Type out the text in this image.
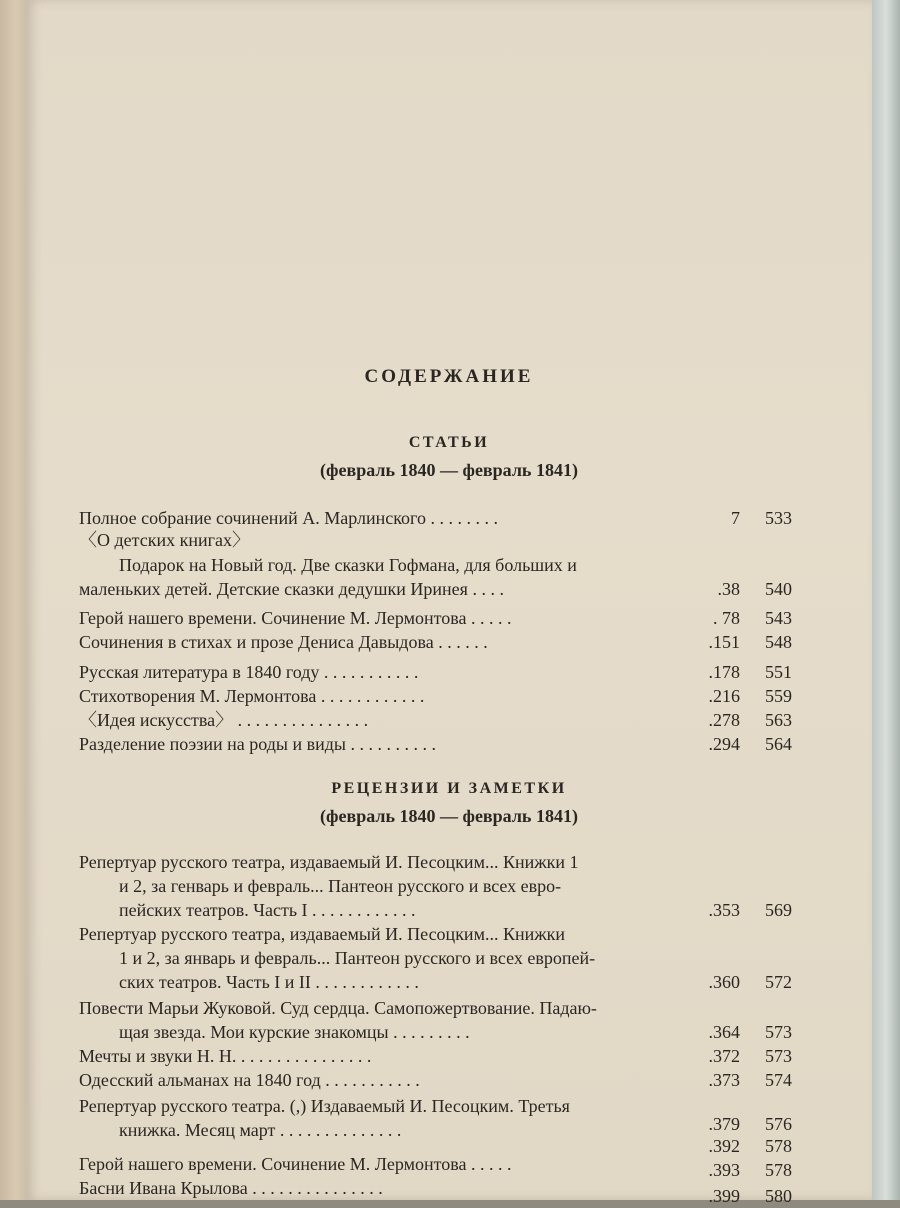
СОДЕРЖАНИЕ
СТАТЬИ
(февраль 1840 — февраль 1841)
РЕЦЕНЗИИ И ЗАМЕТКИ
(февраль 1840 — февраль 1841)
Полное собрание сочинений А. Марлинского . . . . . . . .	7 533
〈О детских книгах〉
Подарок на Новый год. Две сказки Гофмана, для больших и
маленьких детей. Детские сказки дедушки Иринея . . . .	.38 540
Герой нашего времени. Сочинение М. Лермонтова . . . . .	. 78 543
Сочинения в стихах и прозе Дениса Давыдова . . . . . .	.151 548
Русская литература в 1840 году . . . . . . . . . . .	.178 551
Стихотворения М. Лермонтова . . . . . . . . . . . .	.216 559
〈Идея искусства〉 . . . . . . . . . . . . . . .	.278 563
Разделение поэзии на роды и виды . . . . . . . . . .	.294 564
Репертуар русского театра, издаваемый И. Песоцким... Книжки 1
и 2, за генварь и февраль... Пантеон русского и всех евро-
пейских театров. Часть I . . . . . . . . . . . .	.353 569
Репертуар русского театра, издаваемый И. Песоцким... Книжки
1 и 2, за январь и февраль... Пантеон русского и всех европей-
ских театров. Часть I и II . . . . . . . . . . . .	.360 572
Повести Марьи Жуковой. Суд сердца. Самопожертвование. Падаю-
щая звезда. Мои курские знакомцы . . . . . . . . .	.364 573
Мечты и звуки Н. Н. . . . . . . . . . . . . . . .	.372 573
Одесский альманах на 1840 год . . . . . . . . . . .	.373 574
Репертуар русского театра. (,) Издаваемый И. Песоцким. Третья
книжка. Месяц март . . . . . . . . . . . . . .	.379 576
.392 578
Герой нашего времени. Сочинение М. Лермонтова . . . . .	.393 578
Басни Ивана Крылова . . . . . . . . . . . . . . .	.399 580
